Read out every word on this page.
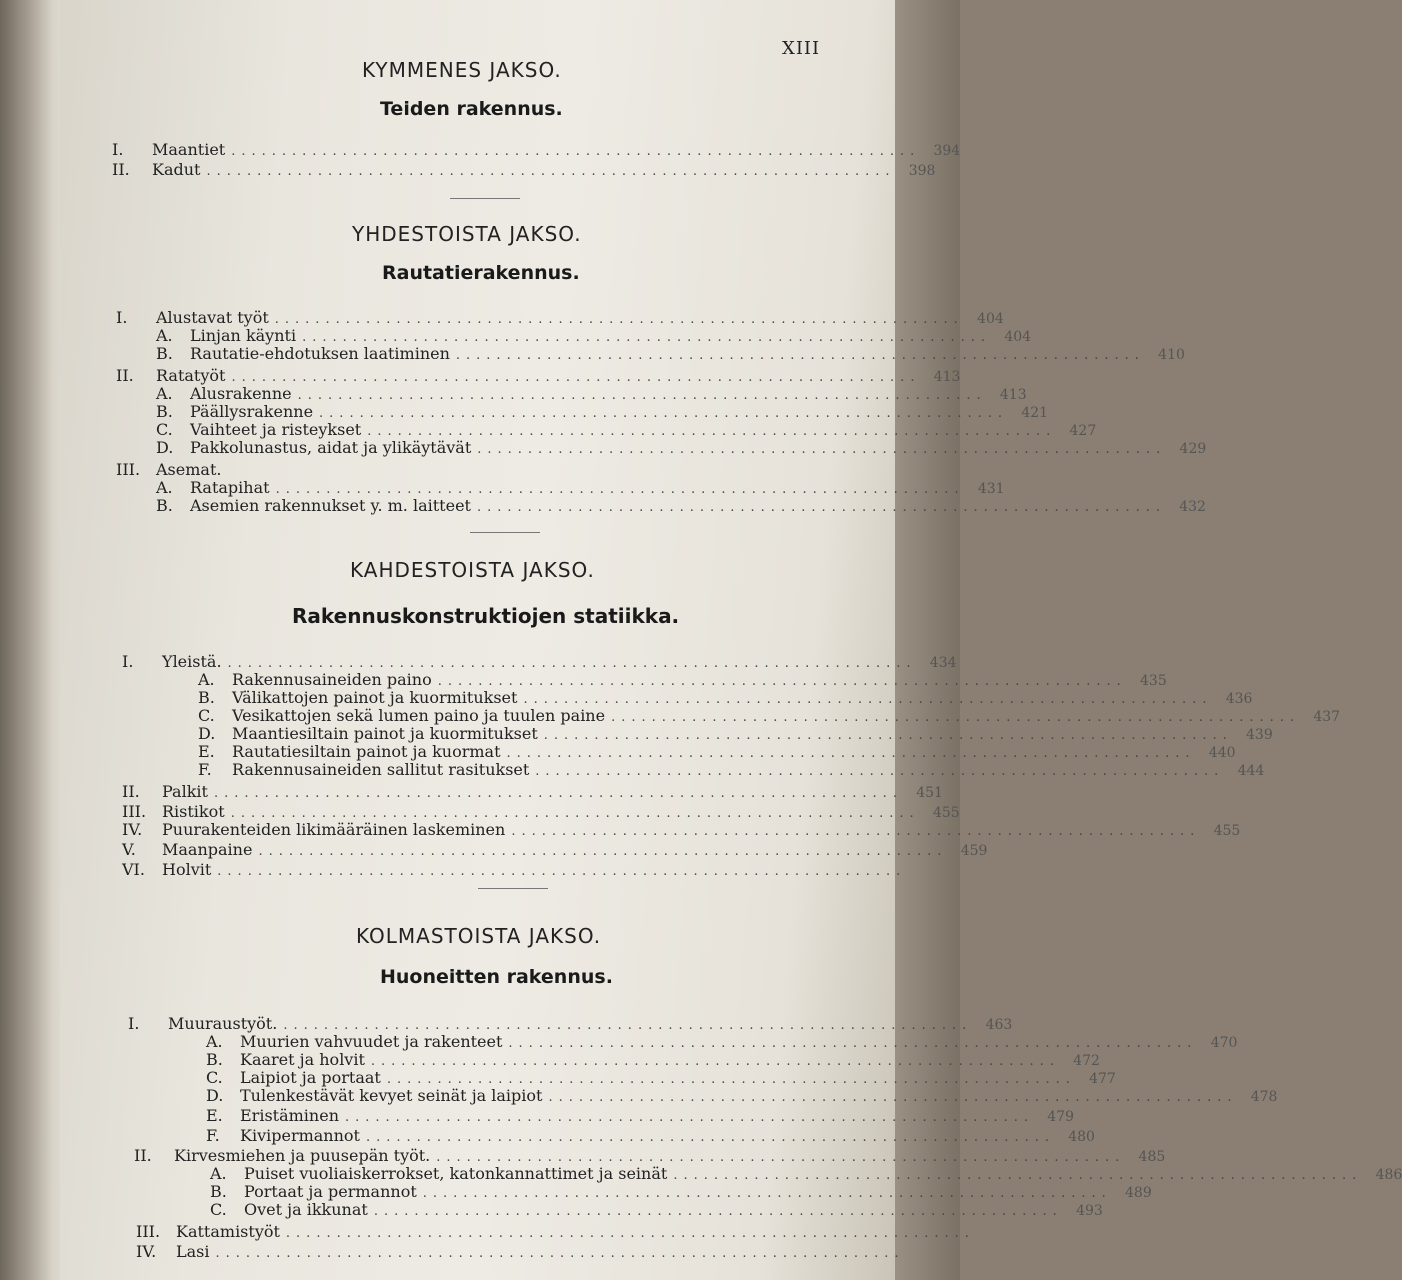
XIII
KYMMENES JAKSO.
Teiden rakennus.
I.	Maantiet .................................................................... 394
II.	Kadut .................................................................... 398
YHDESTOISTA JAKSO.
Rautatierakennus.
I.	Alustavat työt .................................................................... 404
A.	Linjan käynti .................................................................... 404
B.	Rautatie-ehdotuksen laatiminen .................................................................... 410
II.	Ratatyöt .................................................................... 413
A.	Alusrakenne .................................................................... 413
B.	Päällysrakenne .................................................................... 421
C.	Vaihteet ja risteykset .................................................................... 427
D.	Pakkolunastus, aidat ja ylikäytävät .................................................................... 429
III. Asemat.
A.	Ratapihat .................................................................... 431
B.	Asemien rakennukset y. m. laitteet .................................................................... 432
KAHDESTOISTA JAKSO.
Rakennuskonstruktiojen statiikka.
I.	Yleistä. .................................................................... 434
A.	Rakennusaineiden paino .................................................................... 435
B.	Välikattojen painot ja kuormitukset .................................................................... 436
C.	Vesikattojen sekä lumen paino ja tuulen paine .................................................................... 437
D.	Maantiesiltain painot ja kuormitukset .................................................................... 439
E.	Rautatiesiltain painot ja kuormat .................................................................... 440
F.	Rakennusaineiden sallitut rasitukset .................................................................... 444
II.	Palkit .................................................................... 451
III. Ristikot .................................................................... 455
IV.	Puurakenteiden likimääräinen laskeminen .................................................................... 455
V.	Maanpaine .................................................................... 459
VI.	Holvit ....................................................................
KOLMASTOISTA JAKSO.
Huoneitten rakennus.
I.	Muuraustyöt. .................................................................... 463
A.	Muurien vahvuudet ja rakenteet .................................................................... 470
B.	Kaaret ja holvit .................................................................... 472
C.	Laipiot ja portaat .................................................................... 477
D.	Tulenkestävät kevyet seinät ja laipiot .................................................................... 478
E.	Eristäminen .................................................................... 479
F.	Kivipermannot .................................................................... 480
II.	Kirvesmiehen ja puusepän työt. .................................................................... 485
A.	Puiset vuoliaiskerrokset, katonkannattimet ja seinät .................................................................... 486
B.	Portaat ja permannot .................................................................... 489
C.	Ovet ja ikkunat .................................................................... 493
III. Kattamistyöt ....................................................................
IV.	Lasi ....................................................................
